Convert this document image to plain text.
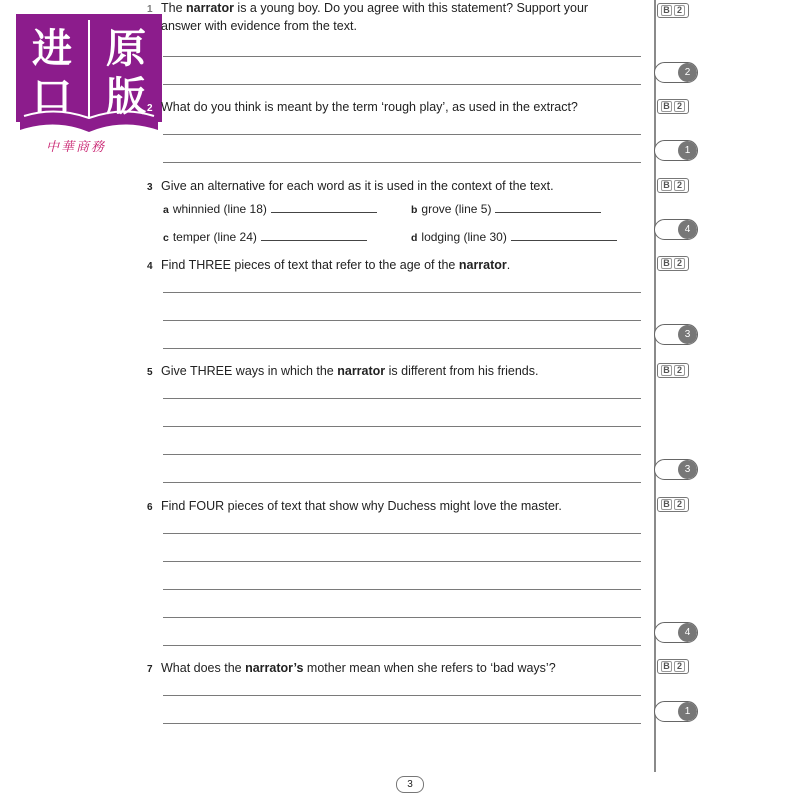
进 原
口 版
中華商務
1 The narrator is a young boy. Do you agree with this statement? Support your
answer with evidence from the text.
2 What do you think is meant by the term ‘rough play’, as used in the extract?
3 Give an alternative for each word as it is used in the context of the text.
a whinnied (line 18)	b grove (line 5)
c temper (line 24)	d lodging (line 30)
4 Find THREE pieces of text that refer to the age of the narrator.
5 Give THREE ways in which the narrator is different from his friends.
6 Find FOUR pieces of text that show why Duchess might love the master.
7 What does the narrator’s mother mean when she refers to ‘bad ways’?
B 2
B 2
B 2
B 2
B 2
B 2
B 2
2
1
4
3
3
4
1
3
